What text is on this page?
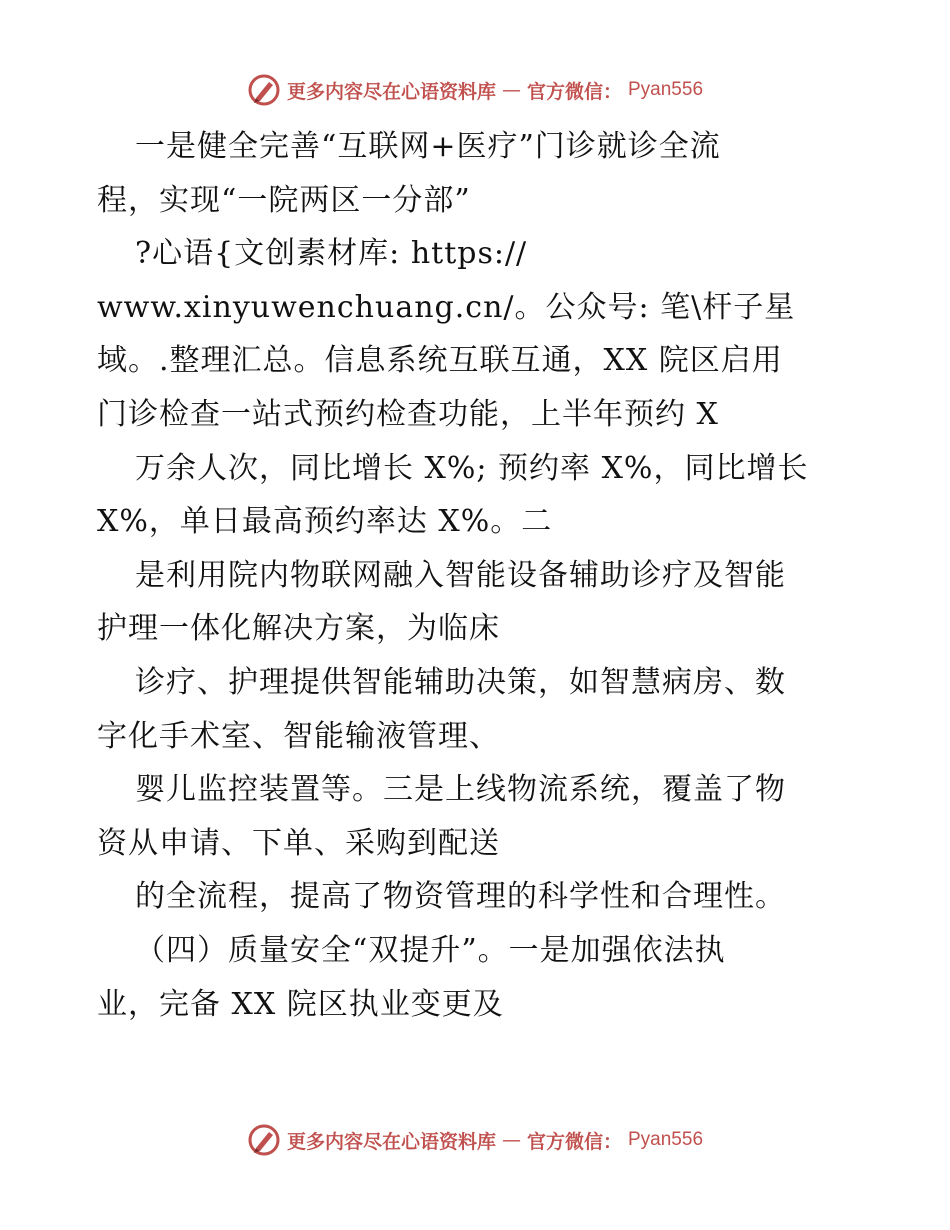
更多内容尽在心语资料库 — 官方微信： Pyan556
一是健全完善“互联网+医疗”门诊就诊全流
程，实现“一院两区一分部”
?心语{文创素材库: https://
www.xinyuwenchuang.cn/。公众号: 笔\杆子星
域。.整理汇总。信息系统互联互通，XX 院区启用
门诊检查一站式预约检查功能，上半年预约 X
万余人次，同比增长 X%; 预约率 X%，同比增长
X%，单日最高预约率达 X%。二
是利用院内物联网融入智能设备辅助诊疗及智能
护理一体化解决方案，为临床
诊疗、护理提供智能辅助决策，如智慧病房、数
字化手术室、智能输液管理、
婴儿监控装置等。三是上线物流系统，覆盖了物
资从申请、下单、采购到配送
的全流程，提高了物资管理的科学性和合理性。
（四）质量安全“双提升”。一是加强依法执
业，完备 XX 院区执业变更及
更多内容尽在心语资料库 — 官方微信： Pyan556
